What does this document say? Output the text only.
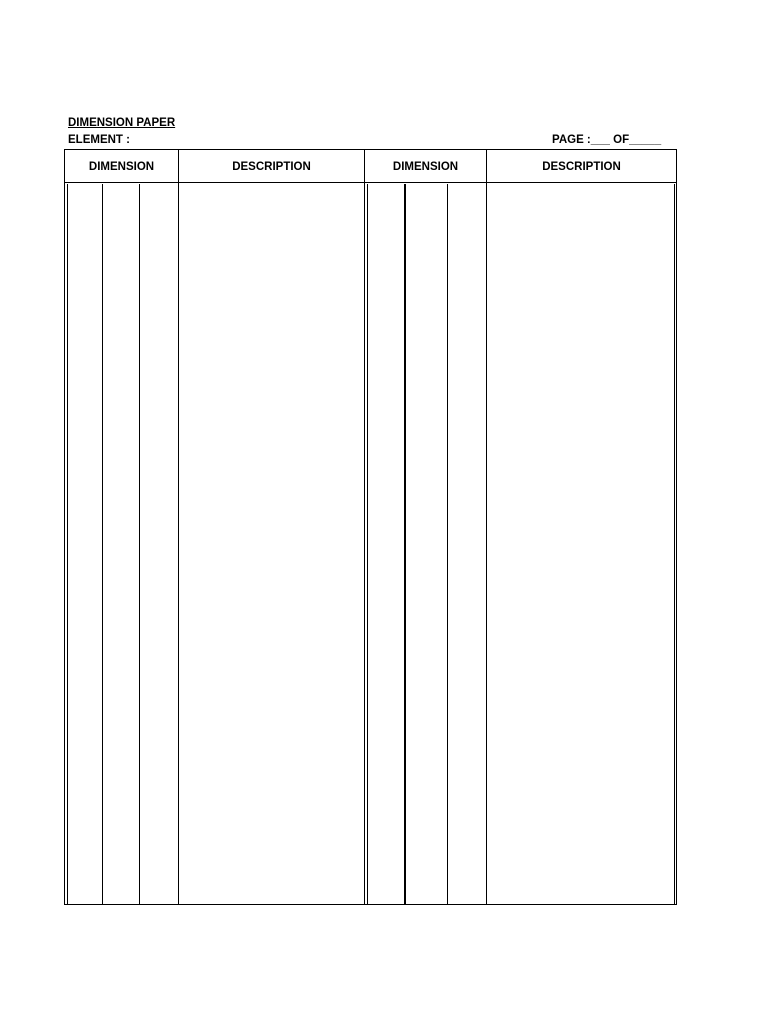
DIMENSION PAPER
ELEMENT :	PAGE :___ OF_____
DIMENSION	DESCRIPTION	DIMENSION	DESCRIPTION
